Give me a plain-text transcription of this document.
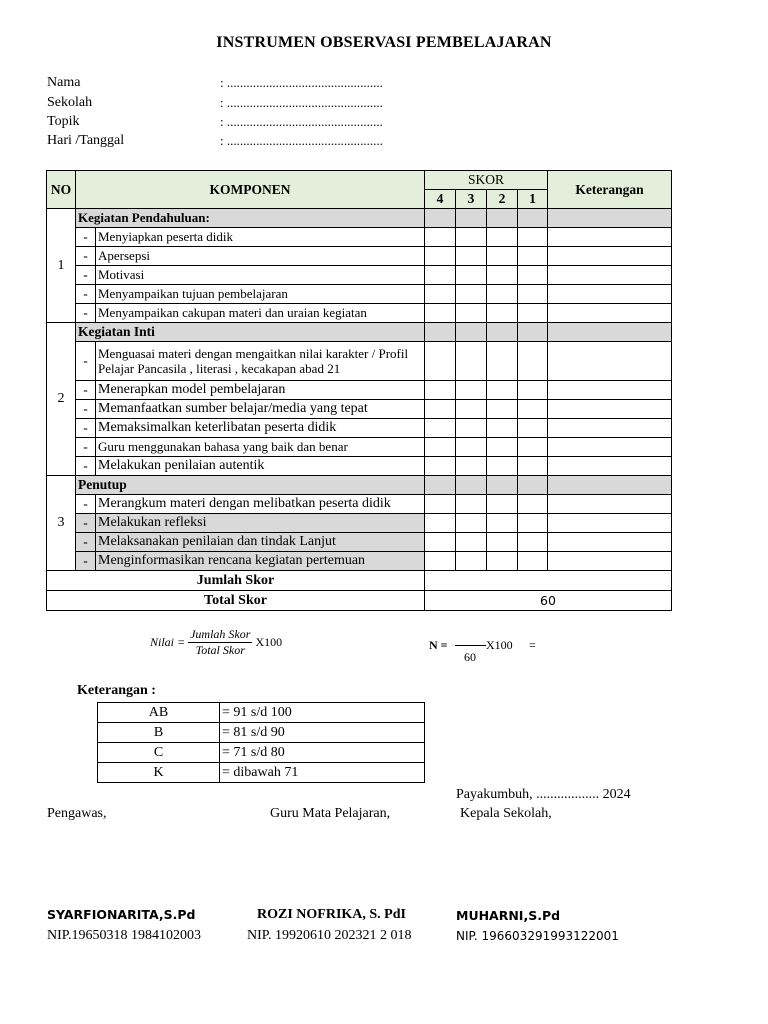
INSTRUMEN OBSERVASI PEMBELAJARAN
Nama	: ................................................
Sekolah	: ................................................
Topik	: ................................................
Hari /Tanggal	: ................................................
NO	KOMPONEN		SKOR				Keterangan
			4	3	2	1	
1	Kegiatan Pendahuluan:						
	-	Menyiapkan peserta didik					
	-	Apersepsi					
	-	Motivasi					
	-	Menyampaikan tujuan pembelajaran					
	-	Menyampaikan cakupan materi dan uraian kegiatan					
2	Kegiatan Inti						
	-	Menguasai materi dengan mengaitkan nilai karakter / Profil Pelajar Pancasila , literasi , kecakapan abad 21					
	-	Menerapkan model pembelajaran					
	-	Memanfaatkan sumber belajar/media yang tepat					
	-	Memaksimalkan keterlibatan peserta didik					
	-	Guru menggunakan bahasa yang baik dan benar					
	-	Melakukan penilaian autentik					
3	Penutup						
	-	Merangkum materi dengan melibatkan peserta didik					
	-	Melakukan refleksi					
	-	Melaksanakan penilaian dan tindak Lanjut					
	-	Menginformasikan rencana kegiatan pertemuan					
Jumlah Skor							
Total Skor			60				
Nilai = $\frac{\text{Jumlah Skor}}{\text{Total Skor}} X100$	N =
60
X100 =
Keterangan :
AB	= 91 s/d 100
B	= 81 s/d 90
C	= 71 s/d 80
K	= dibawah 71
Payakumbuh, .................. 2024
Pengawas,	Guru Mata Pelajaran,	Kepala Sekolah,
SYARFIONARITA,S.Pd	ROZI NOFRIKA, S. PdI	MUHARNI,S.Pd
NIP.19650318 1984102003	NIP. 19920610 202321 2 018	NIP. 196603291993122001
